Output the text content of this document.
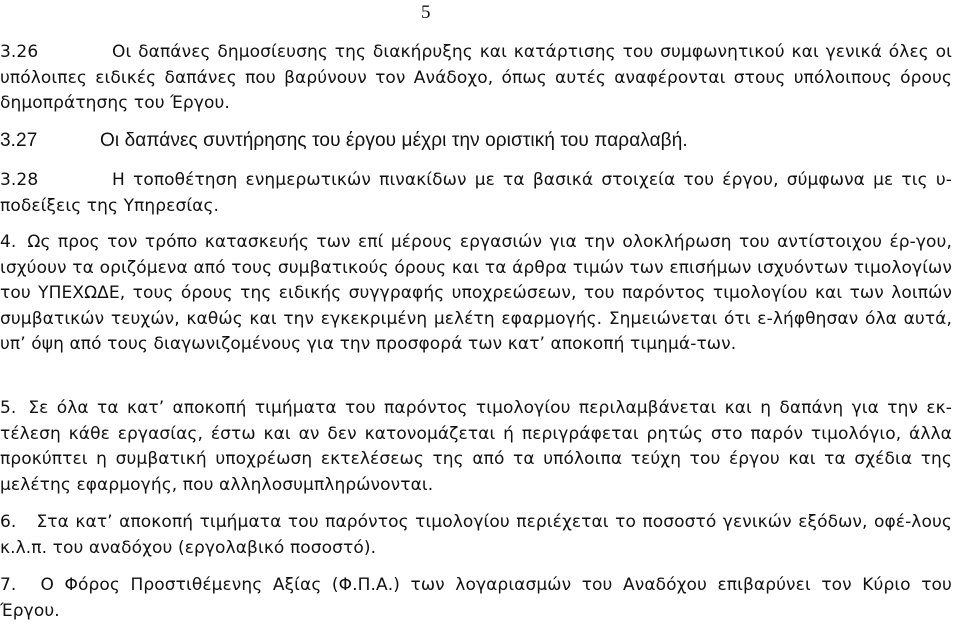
5

3.26	Οι δαπάνες δημοσίευσης της διακήρυξης και κατάρτισης του συμφωνητικού και γενικά όλες οι υπόλοιπες ειδικές δαπάνες που βαρύνουν τον Ανάδοχο, όπως αυτές αναφέρονται στους υπόλοιπους όρους δημοπράτησης του Έργου.

3.27	Οι δαπάνες συντήρησης του έργου μέχρι την οριστική του παραλαβή.

3.28	Η τοποθέτηση ενημερωτικών πινακίδων με τα βασικά στοιχεία του έργου, σύμφωνα με τις υ-ποδείξεις της Υπηρεσίας.

4. Ως προς τον τρόπο κατασκευής των επί μέρους εργασιών για την ολοκλήρωση του αντίστοιχου έρ-γου, ισχύουν τα οριζόμενα από τους συμβατικούς όρους και τα άρθρα τιμών των επισήμων ισχυόντων τιμολογίων του ΥΠΕΧΩΔΕ, τους όρους της ειδικής συγγραφής υποχρεώσεων, του παρόντος τιμολογίου και των λοιπών συμβατικών τευχών, καθώς και την εγκεκριμένη μελέτη εφαρμογής. Σημειώνεται ότι ε-λήφθησαν όλα αυτά, υπ’ όψη από τους διαγωνιζομένους για την προσφορά των κατ’ αποκοπή τιμημά-των.

5. Σε όλα τα κατ’ αποκοπή τιμήματα του παρόντος τιμολογίου περιλαμβάνεται και η δαπάνη για την εκ-τέλεση κάθε εργασίας, έστω και αν δεν κατονομάζεται ή περιγράφεται ρητώς στο παρόν τιμολόγιο, άλλα προκύπτει η συμβατική υποχρέωση εκτελέσεως της από τα υπόλοιπα τεύχη του έργου και τα σχέδια της μελέτης εφαρμογής, που αλληλοσυμπληρώνονται.

6. Στα κατ’ αποκοπή τιμήματα του παρόντος τιμολογίου περιέχεται το ποσοστό γενικών εξόδων, οφέ-λους κ.λ.π. του αναδόχου (εργολαβικό ποσοστό).

7. Ο Φόρος Προστιθέμενης Αξίας (Φ.Π.Α.) των λογαριασμών του Αναδόχου επιβαρύνει τον Κύριο του Έργου.
